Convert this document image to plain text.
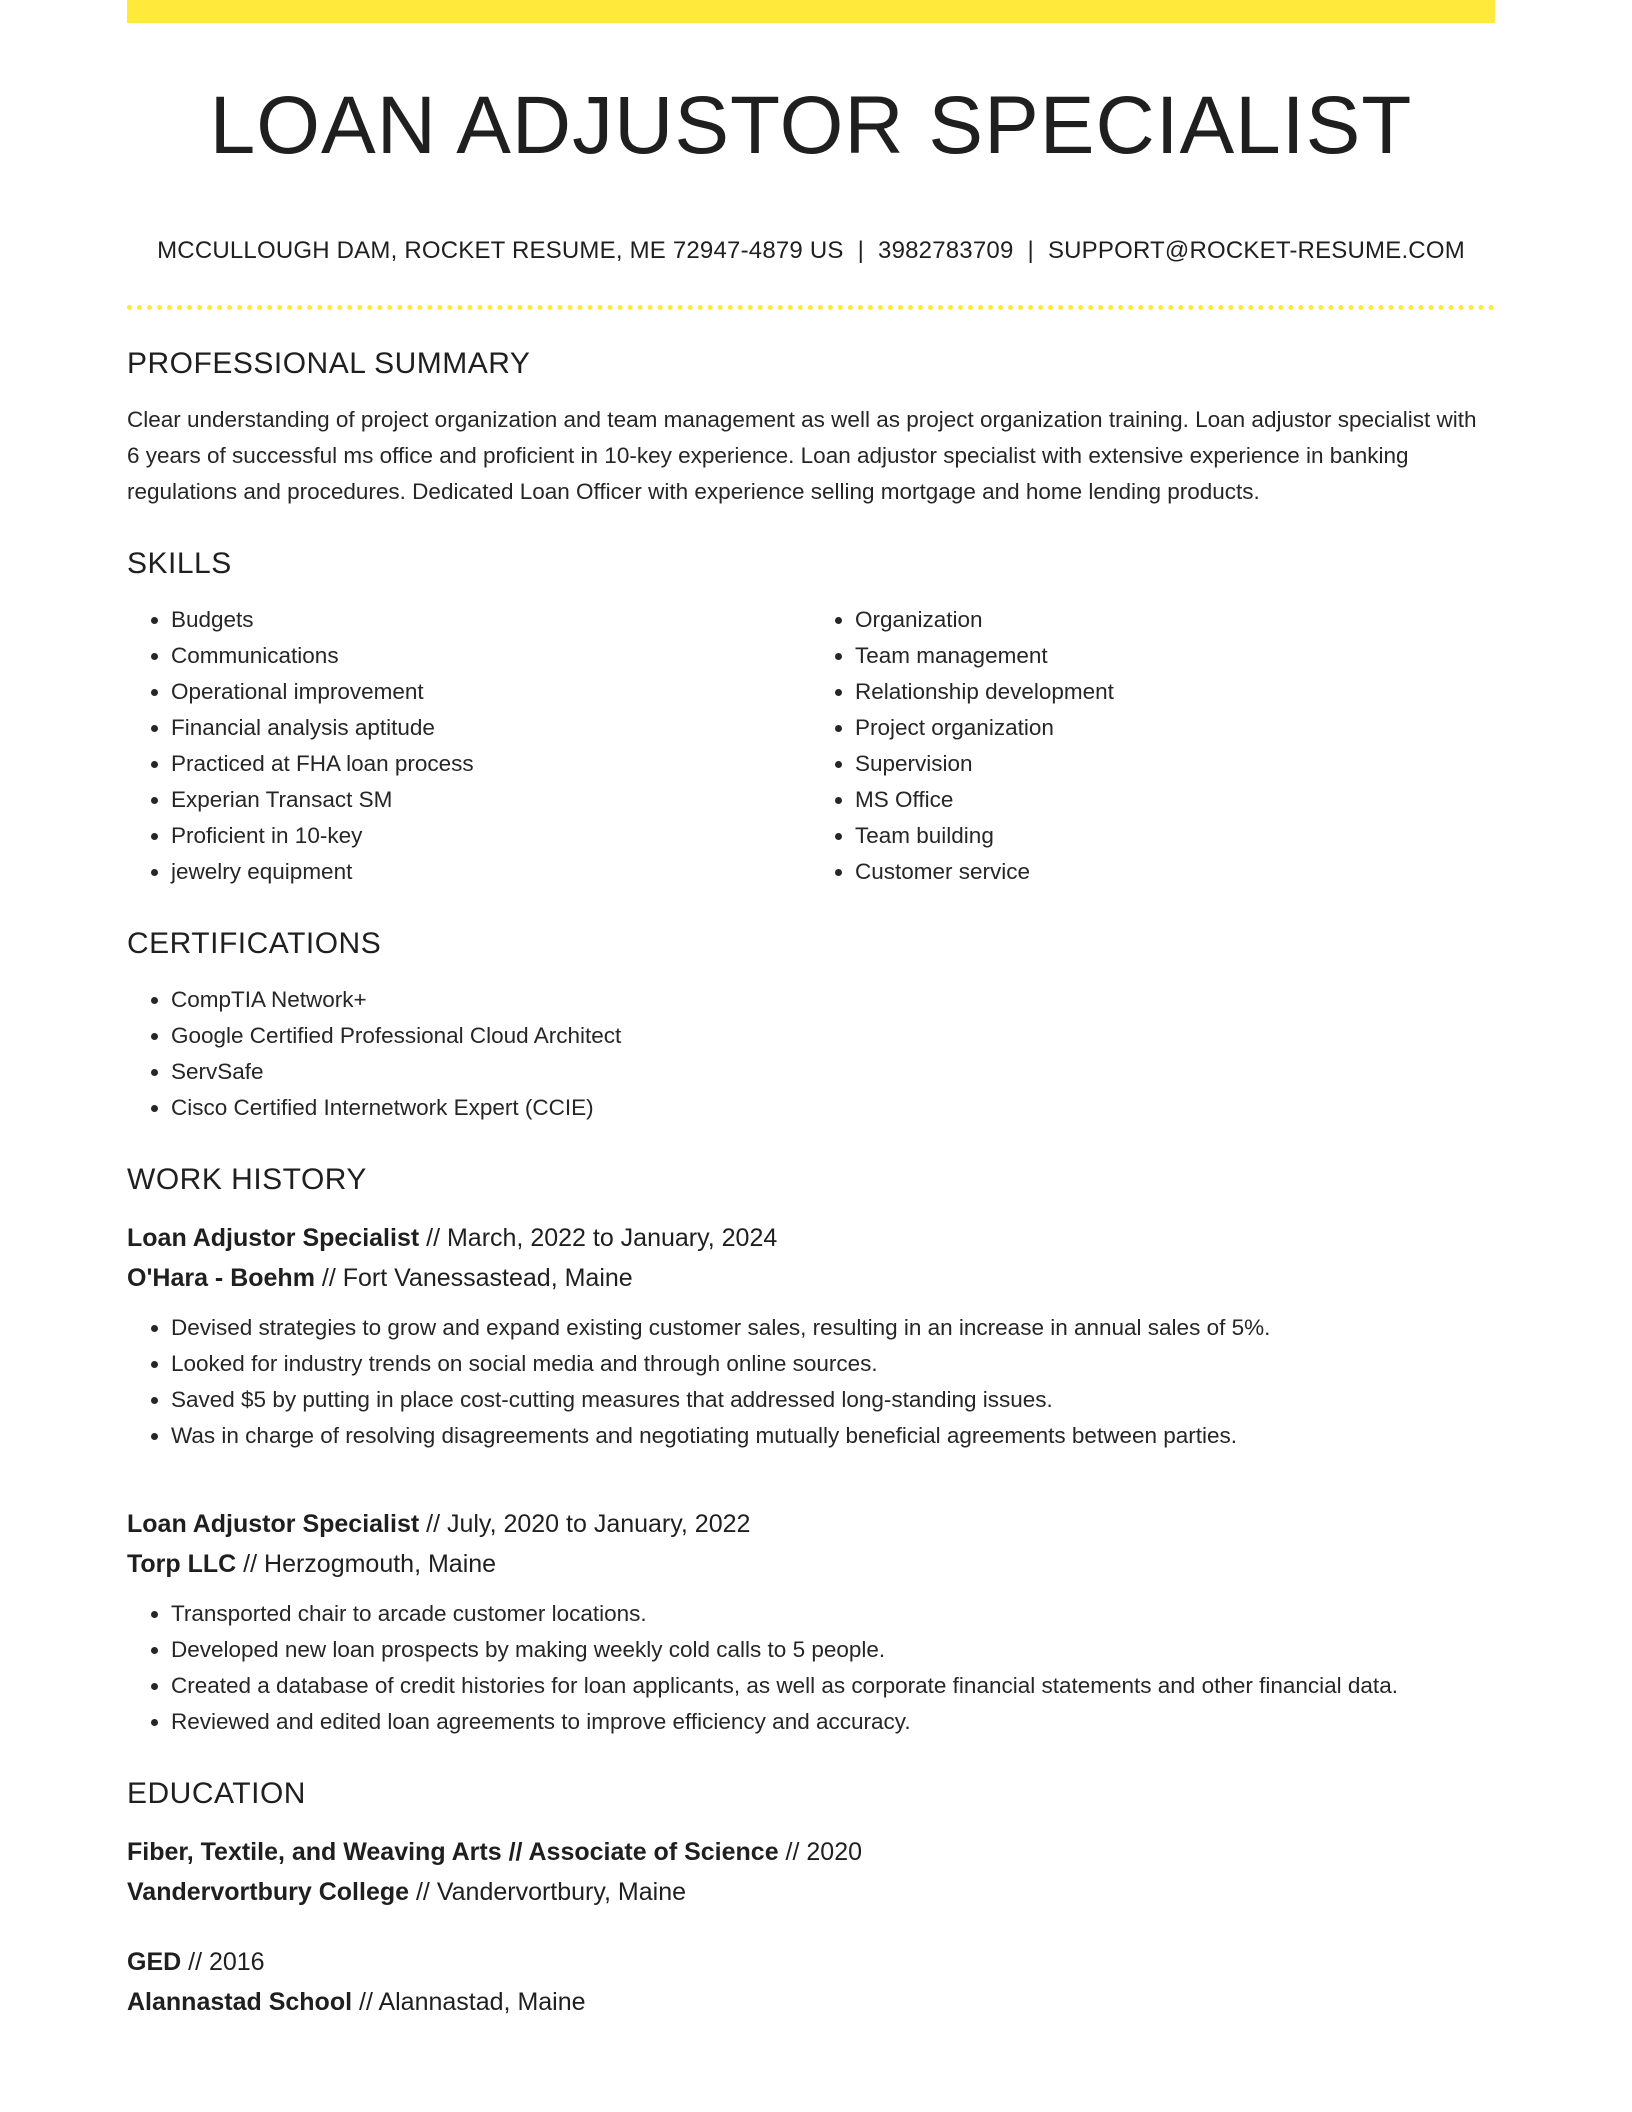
LOAN ADJUSTOR SPECIALIST
MCCULLOUGH DAM, ROCKET RESUME, ME 72947-4879 US | 3982783709 | SUPPORT@ROCKET-RESUME.COM
PROFESSIONAL SUMMARY
Clear understanding of project organization and team management as well as project organization training. Loan adjustor specialist with 6 years of successful ms office and proficient in 10-key experience. Loan adjustor specialist with extensive experience in banking regulations and procedures. Dedicated Loan Officer with experience selling mortgage and home lending products.
SKILLS
• Budgets
• Communications
• Operational improvement
• Financial analysis aptitude
• Practiced at FHA loan process
• Experian Transact SM
• Proficient in 10-key
• jewelry equipment
• Organization
• Team management
• Relationship development
• Project organization
• Supervision
• MS Office
• Team building
• Customer service
CERTIFICATIONS
• CompTIA Network+
• Google Certified Professional Cloud Architect
• ServSafe
• Cisco Certified Internetwork Expert (CCIE)
WORK HISTORY
Loan Adjustor Specialist // March, 2022 to January, 2024
O'Hara - Boehm // Fort Vanessastead, Maine
• Devised strategies to grow and expand existing customer sales, resulting in an increase in annual sales of 5%.
• Looked for industry trends on social media and through online sources.
• Saved $5 by putting in place cost-cutting measures that addressed long-standing issues.
• Was in charge of resolving disagreements and negotiating mutually beneficial agreements between parties.
Loan Adjustor Specialist // July, 2020 to January, 2022
Torp LLC // Herzogmouth, Maine
• Transported chair to arcade customer locations.
• Developed new loan prospects by making weekly cold calls to 5 people.
• Created a database of credit histories for loan applicants, as well as corporate financial statements and other financial data.
• Reviewed and edited loan agreements to improve efficiency and accuracy.
EDUCATION
Fiber, Textile, and Weaving Arts // Associate of Science // 2020
Vandervortbury College // Vandervortbury, Maine
GED // 2016
Alannastad School // Alannastad, Maine
